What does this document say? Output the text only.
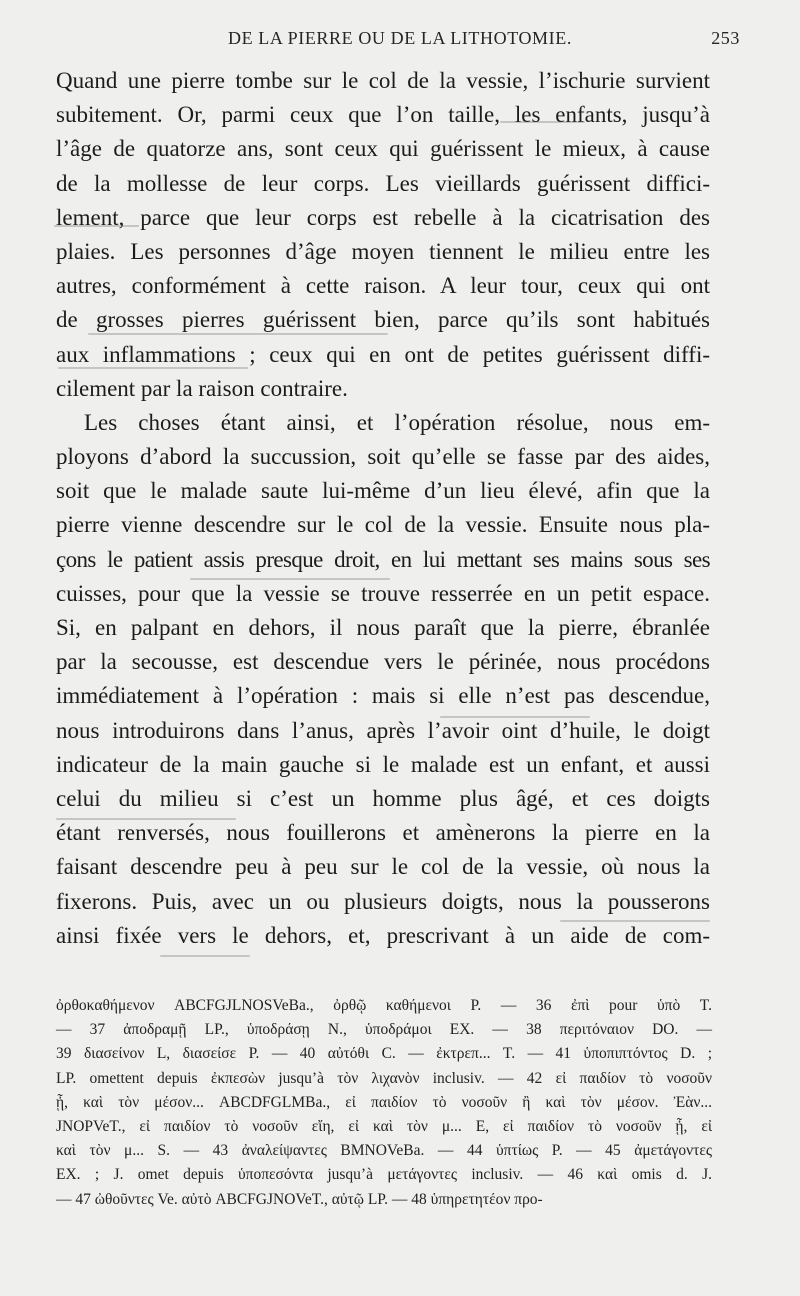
DE LA PIERRE OU DE LA LITHOTOMIE.	253
Quand une pierre tombe sur le col de la vessie, l’ischurie survient
subitement. Or, parmi ceux que l’on taille, les enfants, jusqu’à
l’âge de quatorze ans, sont ceux qui guérissent le mieux, à cause
de la mollesse de leur corps. Les vieillards guérissent diffici-
lement, parce que leur corps est rebelle à la cicatrisation des
plaies. Les personnes d’âge moyen tiennent le milieu entre les
autres, conformément à cette raison. A leur tour, ceux qui ont
de grosses pierres guérissent bien, parce qu’ils sont habitués
aux inflammations ; ceux qui en ont de petites guérissent diffi-
cilement par la raison contraire.
Les choses étant ainsi, et l’opération résolue, nous em-
ployons d’abord la succussion, soit qu’elle se fasse par des aides,
soit que le malade saute lui-même d’un lieu élevé, afin que la
pierre vienne descendre sur le col de la vessie. Ensuite nous pla-
çons le patient assis presque droit, en lui mettant ses mains sous ses
cuisses, pour que la vessie se trouve resserrée en un petit espace.
Si, en palpant en dehors, il nous paraît que la pierre, ébranlée
par la secousse, est descendue vers le périnée, nous procédons
immédiatement à l’opération : mais si elle n’est pas descendue,
nous introduirons dans l’anus, après l’avoir oint d’huile, le doigt
indicateur de la main gauche si le malade est un enfant, et aussi
celui du milieu si c’est un homme plus âgé, et ces doigts
étant renversés, nous fouillerons et amènerons la pierre en la
faisant descendre peu à peu sur le col de la vessie, où nous la
fixerons. Puis, avec un ou plusieurs doigts, nous la pousserons
ainsi fixée vers le dehors, et, prescrivant à un aide de com-
ὀρθοκαθήμενον ABCFGJLNOSVeBa., ὀρθῷ καθήμενοι P. — 36 ἐπὶ pour ὑπὸ T.
— 37 ἀποδραμῇ LP., ὑποδράσῃ N., ὑποδράμοι EX. — 38 περιτόναιον DO. —
39 διασείνον L, διασείσε P. — 40 αὐτόθι C. — ἐκτρεπ... T. — 41 ὑποπιπτόντος D. ;
LP. omettent depuis ἐκπεσὼν jusqu’à τὸν λιχανὸν inclusiv. — 42 εἰ παιδίον τὸ νοσοῦν
ᾖ, καὶ τὸν μέσον... ABCDFGLMBa., εἰ παιδίον τὸ νοσοῦν ἢ καὶ τὸν μέσον. Ἐὰν...
JNOPVeT., εἰ παιδίον τὸ νοσοῦν εἴη, εἰ καὶ τὸν μ... E, εἰ παιδίον τὸ νοσοῦν ᾖ, εἰ
καὶ τὸν μ... S. — 43 ἀναλείψαντες BMNOVeBa. — 44 ὑπτίως P. — 45 ἀμετάγοντες
EX. ; J. omet depuis ὑποπεσόντα jusqu’à μετάγοντες inclusiv. — 46 καὶ omis d. J.
— 47 ὠθοῦντες Ve. αὐτὸ ABCFGJNOVeT., αὐτῷ LP. — 48 ὑπηρετητέον προ-
